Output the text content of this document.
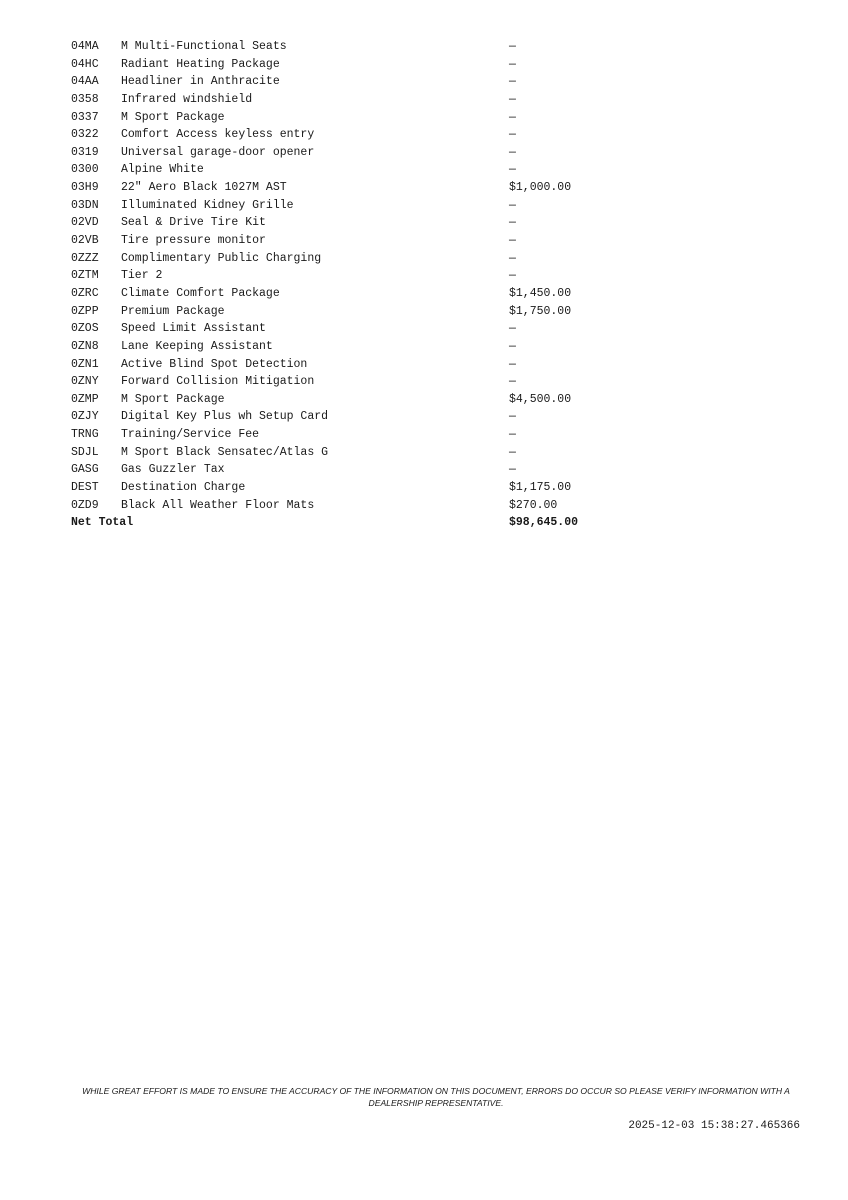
04MA	M Multi-Functional Seats	—
04HC	Radiant Heating Package	—
04AA	Headliner in Anthracite	—
0358	Infrared windshield	—
0337	M Sport Package	—
0322	Comfort Access keyless entry	—
0319	Universal garage-door opener	—
0300	Alpine White	—
03H9	22" Aero Black 1027M AST	$1,000.00
03DN	Illuminated Kidney Grille	—
02VD	Seal & Drive Tire Kit	—
02VB	Tire pressure monitor	—
0ZZZ	Complimentary Public Charging	—
0ZTM	Tier 2	—
0ZRC	Climate Comfort Package	$1,450.00
0ZPP	Premium Package	$1,750.00
0ZOS	Speed Limit Assistant	—
0ZN8	Lane Keeping Assistant	—
0ZN1	Active Blind Spot Detection	—
0ZNY	Forward Collision Mitigation	—
0ZMP	M Sport Package	$4,500.00
0ZJY	Digital Key Plus wh Setup Card	—
TRNG	Training/Service Fee	—
SDJL	M Sport Black Sensatec/Atlas G	—
GASG	Gas Guzzler Tax	—
DEST	Destination Charge	$1,175.00
0ZD9	Black All Weather Floor Mats	$270.00
Net Total	$98,645.00
WHILE GREAT EFFORT IS MADE TO ENSURE THE ACCURACY OF THE INFORMATION ON THIS DOCUMENT, ERRORS DO OCCUR SO PLEASE VERIFY INFORMATION WITH A DEALERSHIP REPRESENTATIVE.
2025-12-03 15:38:27.465366
